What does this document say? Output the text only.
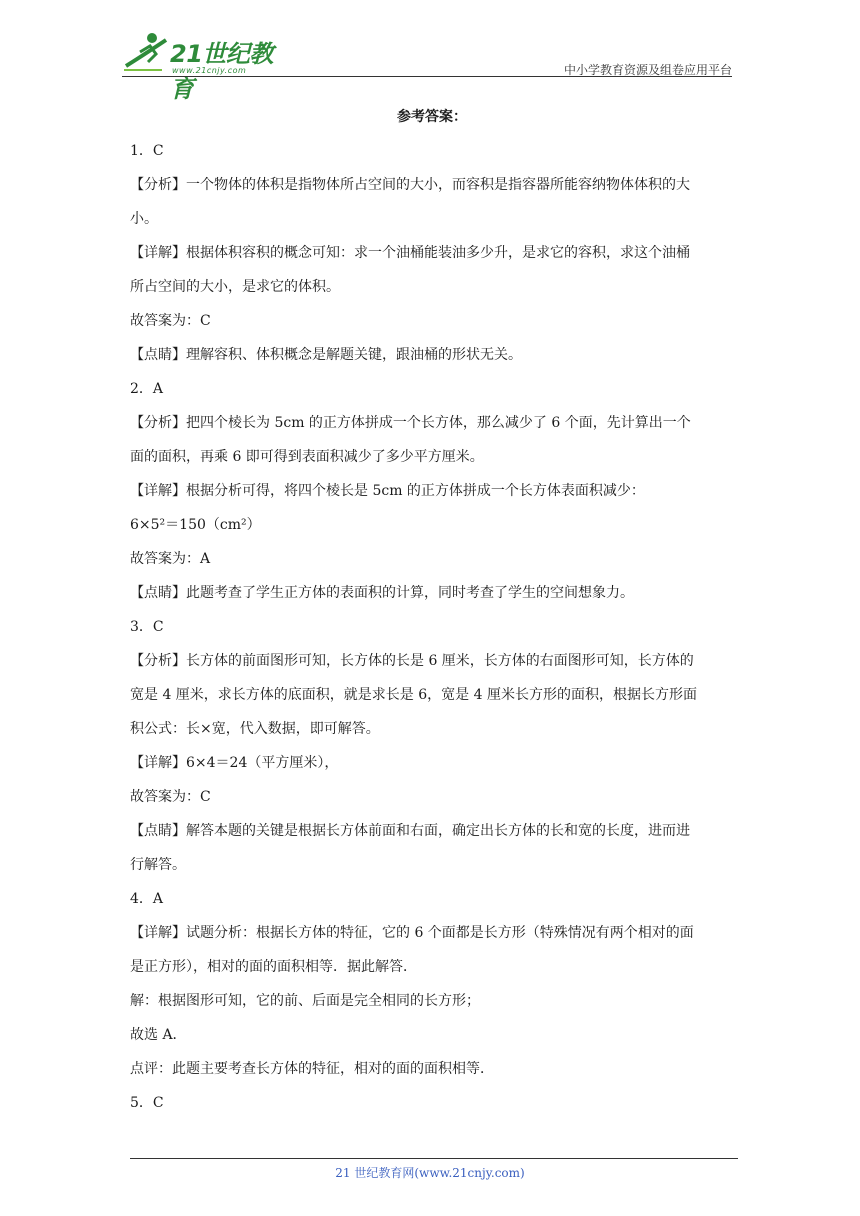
21世纪教育
www.21cnjy.com	中小学教育资源及组卷应用平台
参考答案：

1．C

【分析】一个物体的体积是指物体所占空间的大小，而容积是指容器所能容纳物体体积的大

小。

【详解】根据体积容积的概念可知：求一个油桶能装油多少升，是求它的容积，求这个油桶

所占空间的大小，是求它的体积。

故答案为：C

【点睛】理解容积、体积概念是解题关键，跟油桶的形状无关。

2．A

【分析】把四个棱长为 5cm 的正方体拼成一个长方体，那么减少了 6 个面，先计算出一个

面的面积，再乘 6 即可得到表面积减少了多少平方厘米。

【详解】根据分析可得，将四个棱长是 5cm 的正方体拼成一个长方体表面积减少：

6×5²＝150（cm²）

故答案为：A

【点睛】此题考查了学生正方体的表面积的计算，同时考查了学生的空间想象力。

3．C

【分析】长方体的前面图形可知，长方体的长是 6 厘米，长方体的右面图形可知，长方体的

宽是 4 厘米，求长方体的底面积，就是求长是 6，宽是 4 厘米长方形的面积，根据长方形面

积公式：长×宽，代入数据，即可解答。

【详解】6×4＝24（平方厘米），

故答案为：C

【点睛】解答本题的关键是根据长方体前面和右面，确定出长方体的长和宽的长度，进而进

行解答。

4．A

【详解】试题分析：根据长方体的特征，它的 6 个面都是长方形（特殊情况有两个相对的面

是正方形），相对的面的面积相等．据此解答．

解：根据图形可知，它的前、后面是完全相同的长方形；

故选 A．

点评：此题主要考查长方体的特征，相对的面的面积相等．

5．C

21 世纪教育网(www.21cnjy.com)
